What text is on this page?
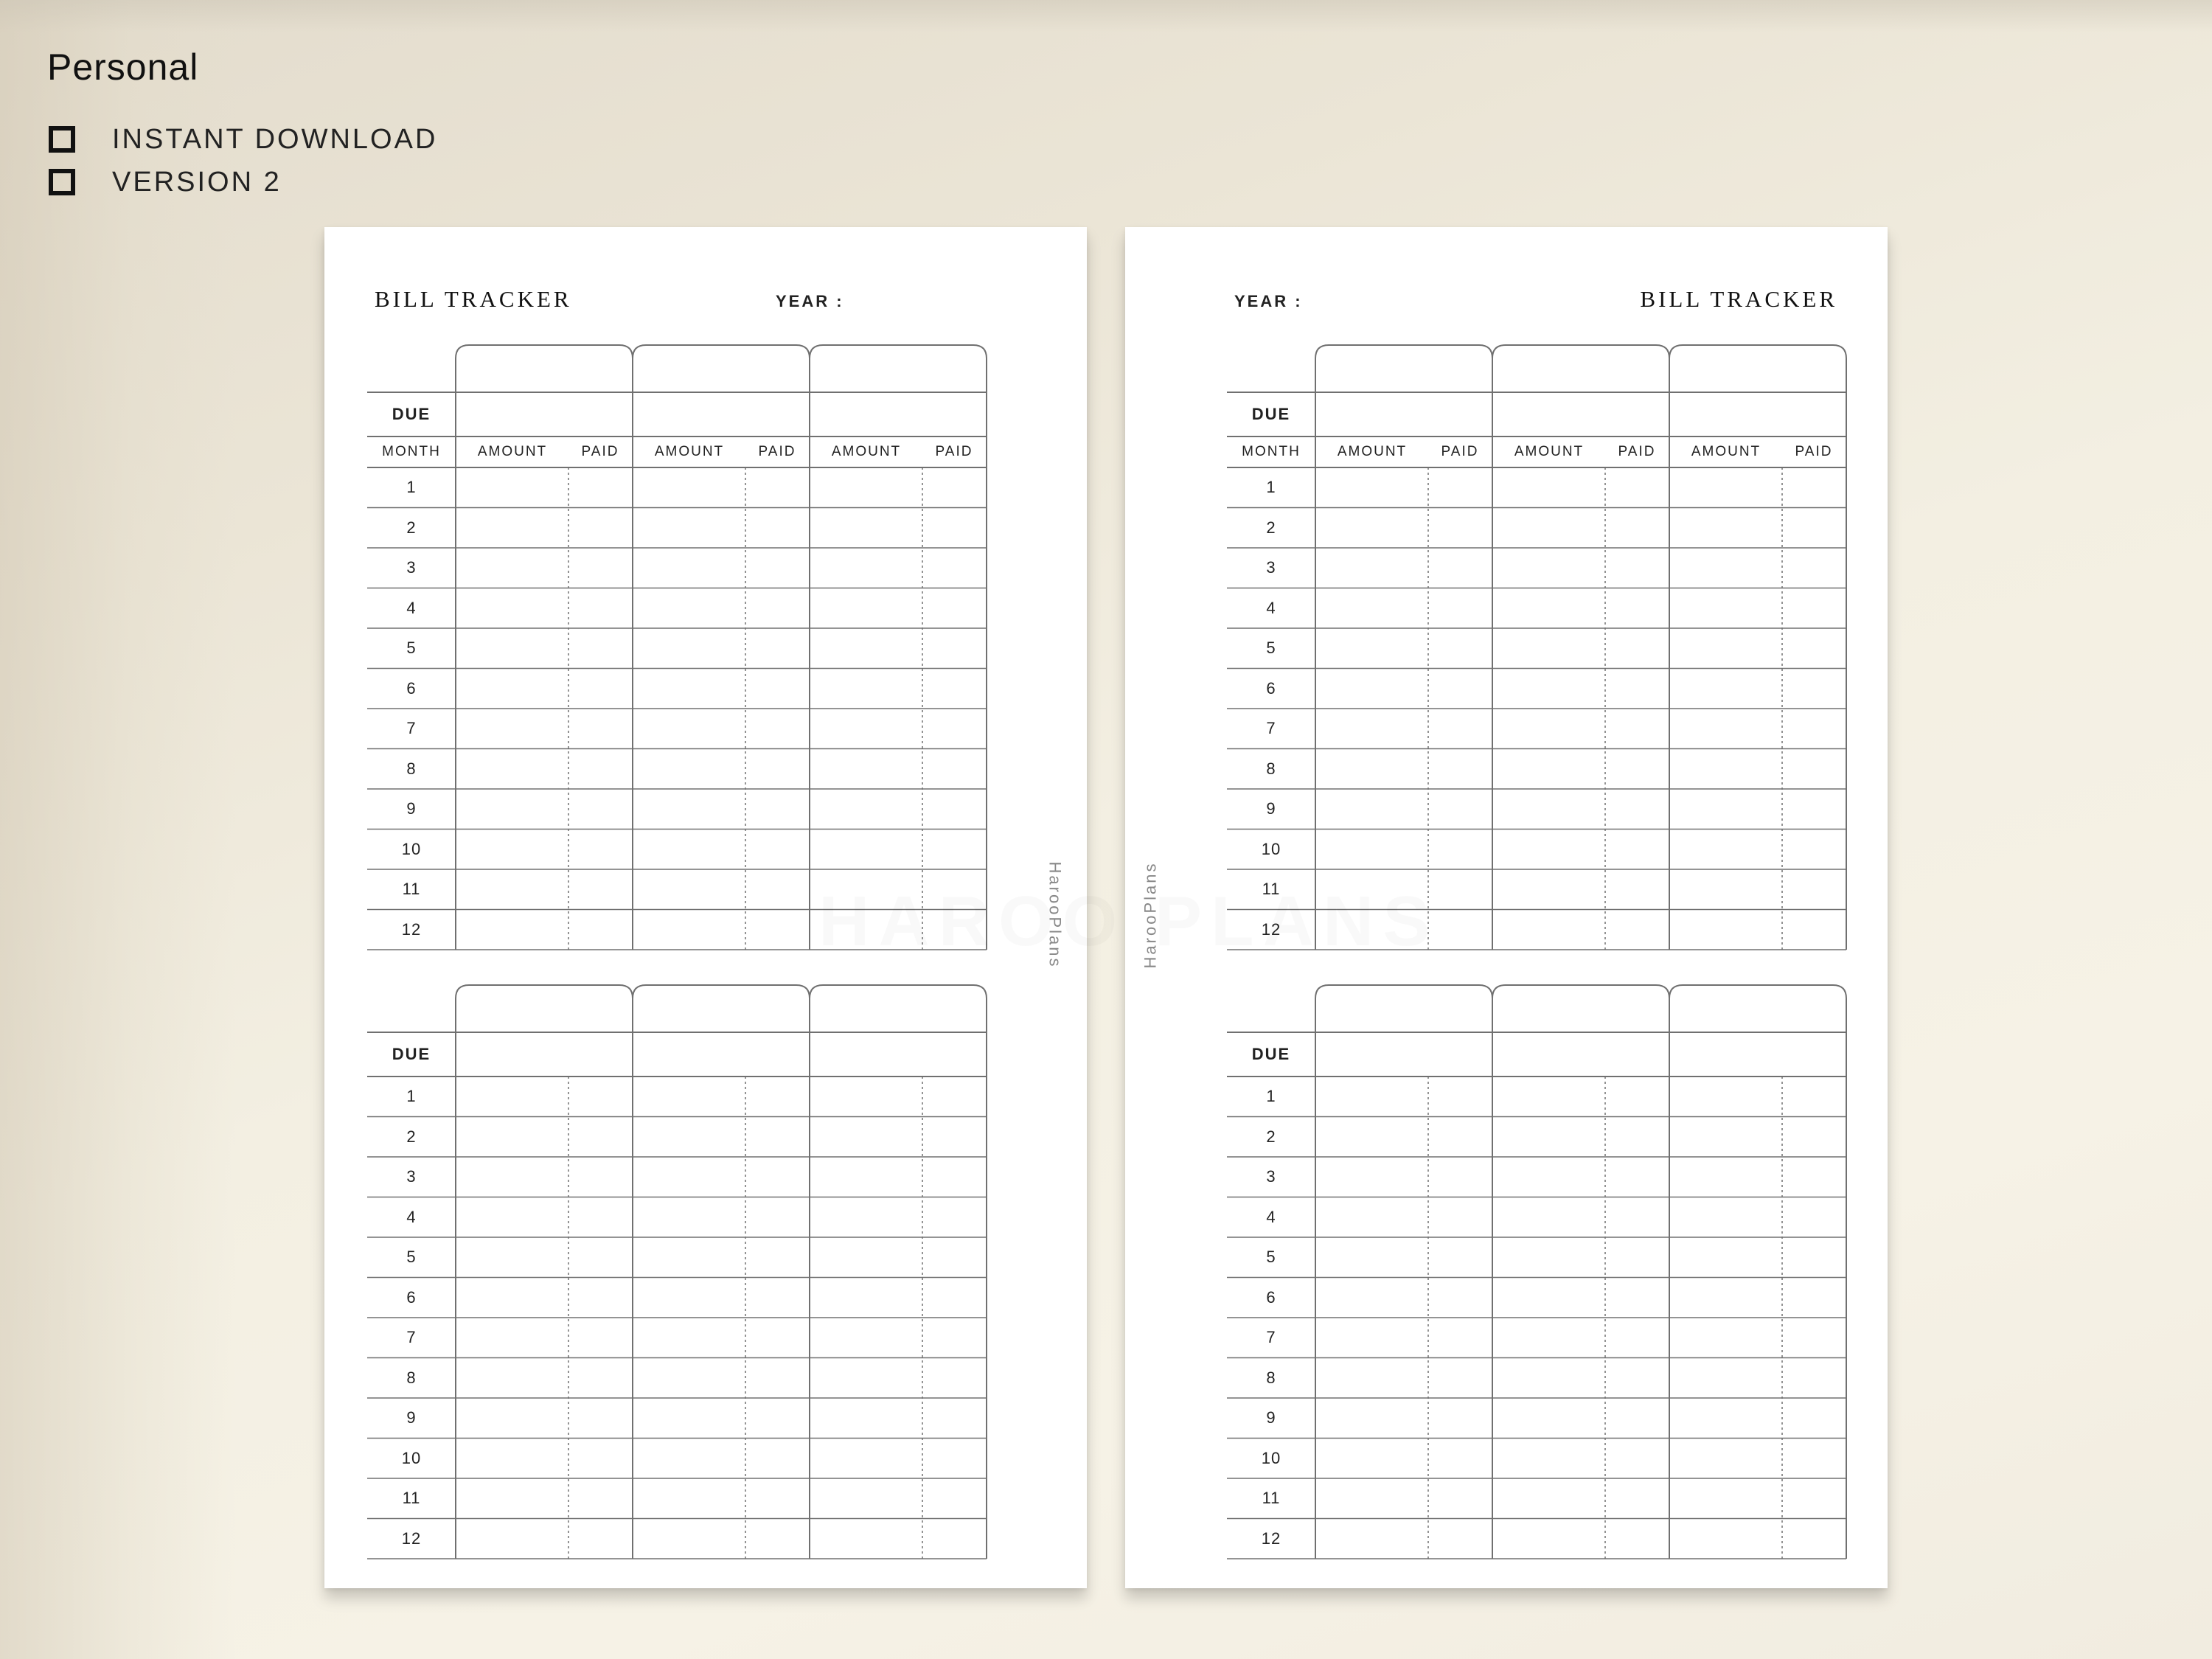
Personal
INSTANT DOWNLOAD
VERSION 2
BILL TRACKER	YEAR :
DUE
MONTH	AMOUNT	PAID	AMOUNT	PAID	AMOUNT	PAID
1
2
3
4
5
6
7
8
9
10
11
12
DUE
1
2
3
4
5
6
7
8
9
10
11
12
HarooPlans
BILL TRACKER
YEAR :
DUE
MONTH	AMOUNT	PAID	AMOUNT	PAID	AMOUNT	PAID
1
2
3
4
5
6
7
8
9
10
11
12
DUE
1
2
3
4
5
6
7
8
9
10
11
12
HarooPlans
